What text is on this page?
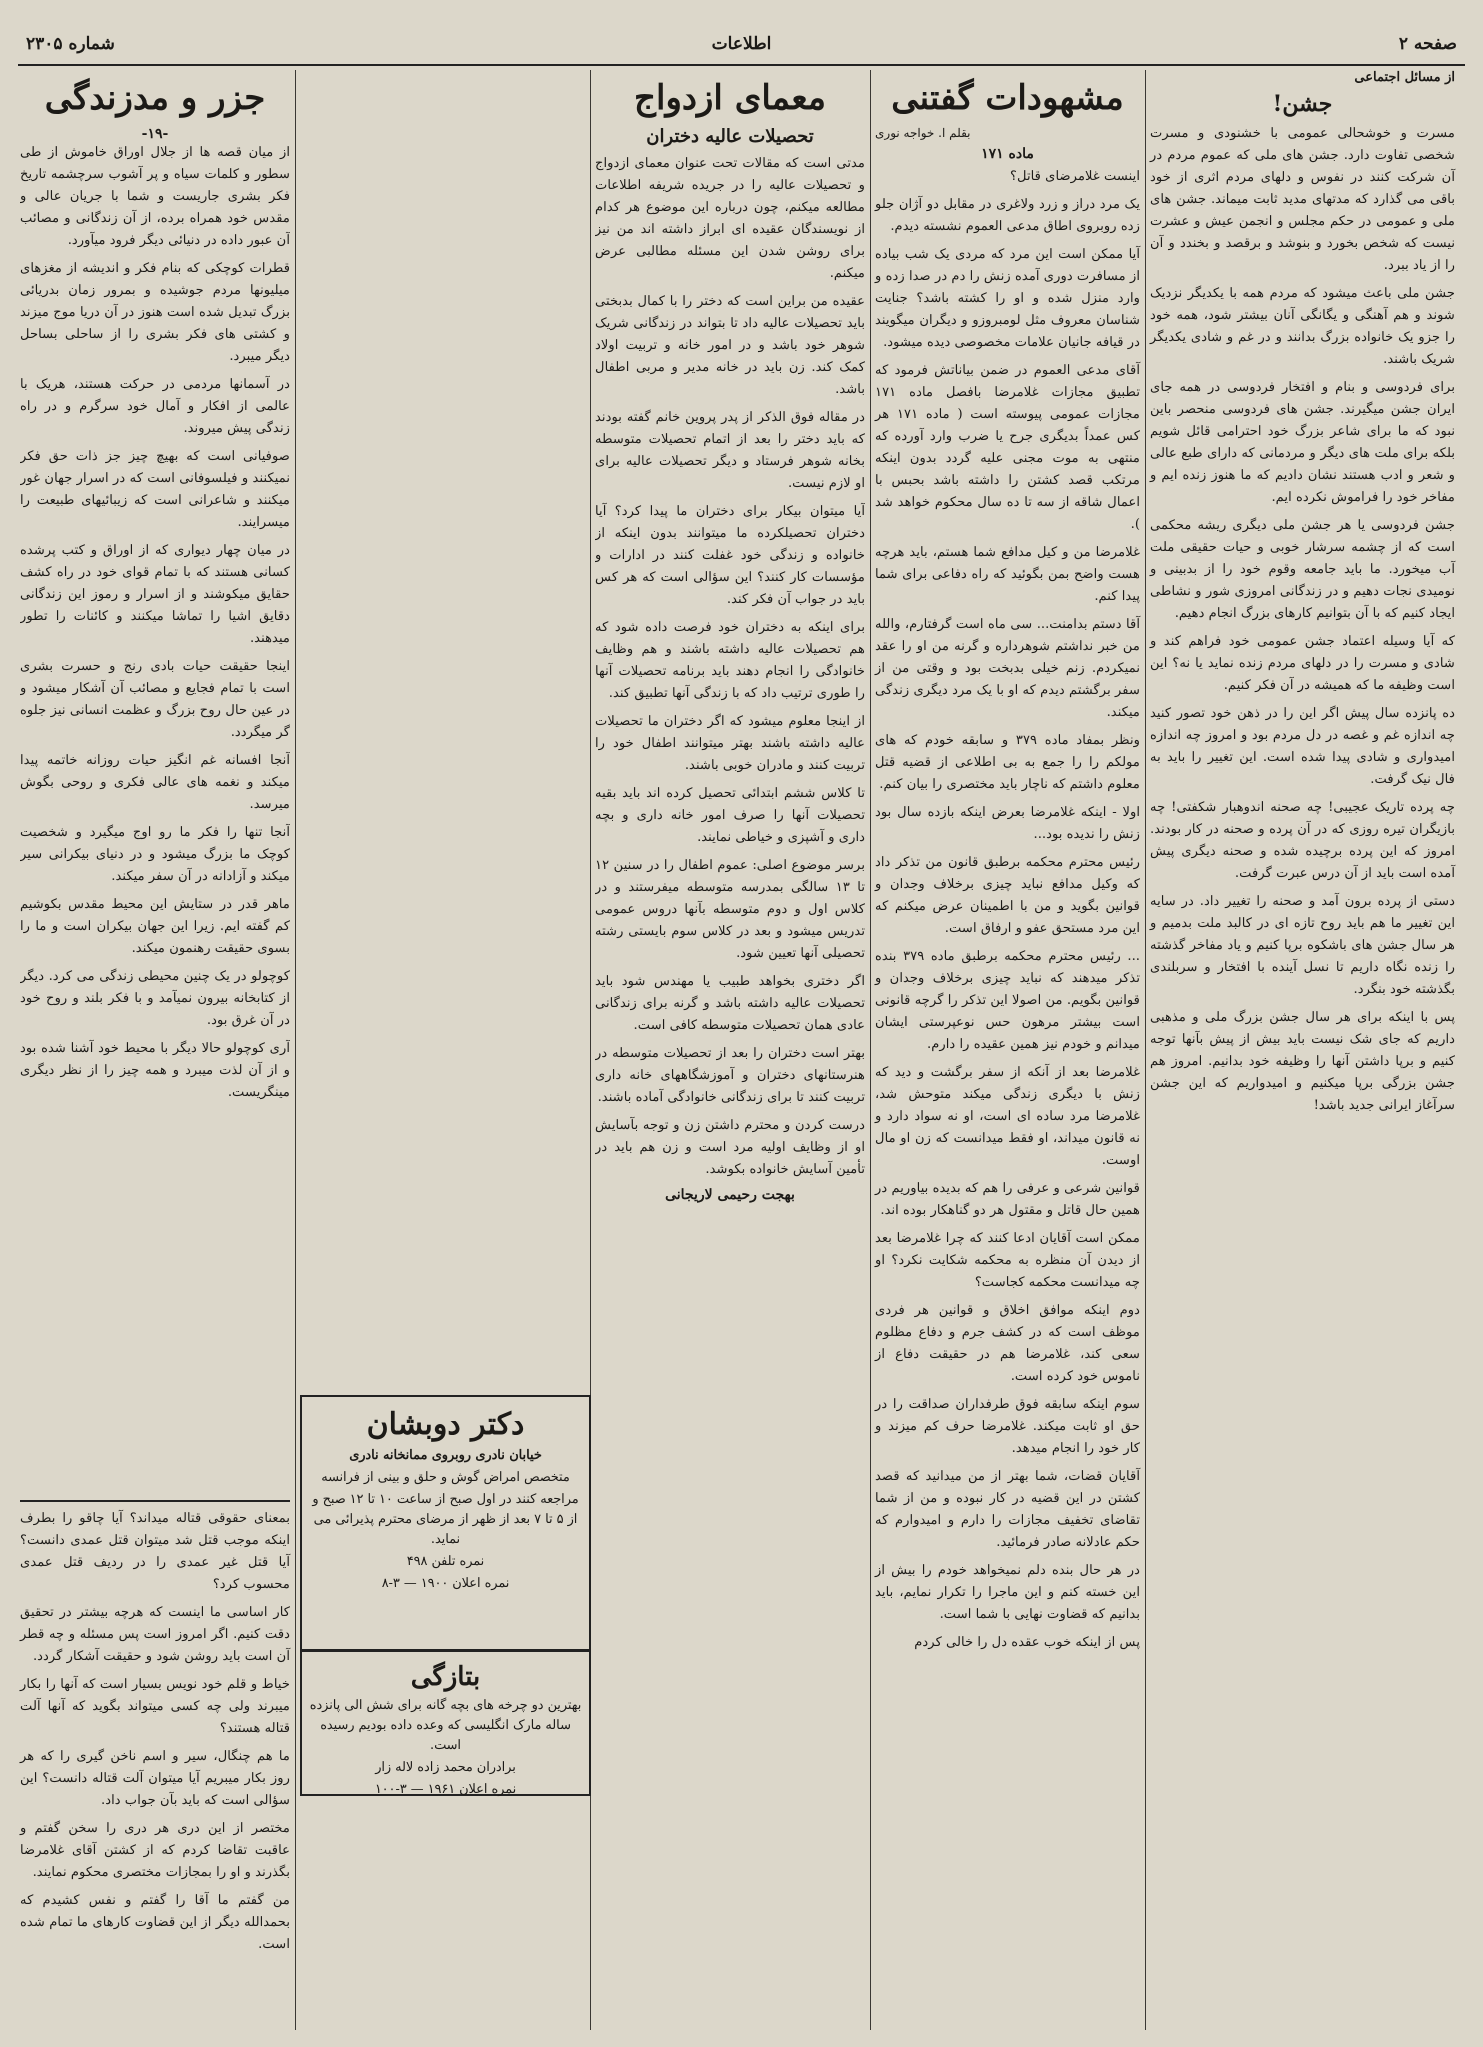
صفحه ۲
اطلاعات
شماره ۲۳۰۵
از مسائل اجتماعی
جشن!

مسرت و خوشحالی عمومی با خشنودی و مسرت شخصی تفاوت دارد. جشن های ملی که عموم مردم در آن شرکت کنند در نفوس و دلهای مردم اثری از خود باقی می گذارد که مدتهای مدید ثابت میماند. جشن های ملی و عمومی در حکم مجلس و انجمن عیش و عشرت نیست که شخص بخورد و بنوشد و برقصد و بخندد و آن را از یاد ببرد.

جشن ملی باعث میشود که مردم همه با یکدیگر نزدیک شوند و هم آهنگی و یگانگی آنان بیشتر شود، همه خود را جزو یک خانواده بزرگ بدانند و در غم و شادی یکدیگر شریک باشند.

برای فردوسی و بنام و افتخار فردوسی در همه جای ایران جشن میگیرند. جشن های فردوسی منحصر باین نبود که ما برای شاعر بزرگ خود احترامی قائل شویم بلکه برای ملت های دیگر و مردمانی که دارای طبع عالی و شعر و ادب هستند نشان دادیم که ما هنوز زنده ایم و مفاخر خود را فراموش نکرده ایم.

جشن فردوسی یا هر جشن ملی دیگری ریشه محکمی است که از چشمه سرشار خوبی و حیات حقیقی ملت آب میخورد. ما باید جامعه وقوم خود را از بدبینی و نومیدی نجات دهیم و در زندگانی امروزی شور و نشاطی ایجاد کنیم که با آن بتوانیم کارهای بزرگ انجام دهیم.

که آیا وسیله اعتماد جشن عمومی خود فراهم کند و شادی و مسرت را در دلهای مردم زنده نماید یا نه؟ این است وظیفه ما که همیشه در آن فکر کنیم.

ده پانزده سال پیش اگر این را در ذهن خود تصور کنید چه اندازه غم و غصه در دل مردم بود و امروز چه اندازه امیدواری و شادی پیدا شده است. این تغییر را باید به فال نیک گرفت.

چه پرده تاریک عجیبی! چه صحنه اندوهبار شکفتی! چه بازیگران تیره روزی که در آن پرده و صحنه در کار بودند. امروز که این پرده برچیده شده و صحنه دیگری پیش آمده است باید از آن درس عبرت گرفت.

دستی از پرده برون آمد و صحنه را تغییر داد. در سایه این تغییر ما هم باید روح تازه ای در کالبد ملت بدمیم و هر سال جشن های باشکوه برپا کنیم و یاد مفاخر گذشته را زنده نگاه داریم تا نسل آینده با افتخار و سربلندی بگذشته خود بنگرد.

پس با اینکه برای هر سال جشن بزرگ ملی و مذهبی داریم که جای شک نیست باید بیش از پیش بآنها توجه کنیم و برپا داشتن آنها را وظیفه خود بدانیم. امروز هم جشن بزرگی برپا میکنیم و امیدواریم که این جشن سرآغاز ایرانی جدید باشد!

مشهودات گفتنی
بقلم ا. خواجه نوری
ماده ۱۷۱

اینست غلامرضای قاتل؟

یک مرد دراز و زرد ولاغری در مقابل دو آژان جلو زده روبروی اطاق مدعی العموم نشسته دیدم.

آیا ممکن است این مرد که مردی یک شب بیاده از مسافرت دوری آمده زنش را دم در صدا زده و وارد منزل شده و او را کشته باشد؟ جنایت شناسان معروف مثل لومبروزو و دیگران میگویند در قیافه جانیان علامات مخصوصی دیده میشود.

آقای مدعی العموم در ضمن بیاناتش فرمود که تطبیق مجازات غلامرضا بافصل ماده ۱۷۱ مجازات عمومی پیوسته است ( ماده ۱۷۱ هر کس عمداً بدیگری جرح یا ضرب وارد آورده که منتهی به موت مجنی علیه گردد بدون اینکه مرتکب قصد کشتن را داشته باشد بحبس با اعمال شاقه از سه تا ده سال محکوم خواهد شد ).

غلامرضا من و کیل مدافع شما هستم، باید هرچه هست واضح بمن بگوئید که راه دفاعی برای شما پیدا کنم.

آقا دستم بدامنت... سی ماه است گرفتارم، والله من خبر نداشتم شوهرداره و گرنه من او را عقد نمیکردم. زنم خیلی بدبخت بود و وقتی من از سفر برگشتم دیدم که او با یک مرد دیگری زندگی میکند.

ونظر بمفاد ماده ۳۷۹ و سابقه خودم که های مولکم را را جمع به بی اطلاعی از قضیه قتل معلوم داشتم که ناچار باید مختصری را بیان کنم.

اولا - اینکه غلامرضا بعرض اینکه بازده سال بود زنش را ندیده بود...

رئیس محترم محکمه برطبق قانون من تذکر داد که وکیل مدافع نباید چیزی برخلاف وجدان و قوانین بگوید و من با اطمینان عرض میکنم که این مرد مستحق عفو و ارفاق است.

... رئیس محترم محکمه برطبق ماده ۳۷۹ بنده تذکر میدهند که نباید چیزی برخلاف وجدان و قوانین بگویم. من اصولا این تذکر را گرچه قانونی است بیشتر مرهون حس نوعپرستی ایشان میدانم و خودم نیز همین عقیده را دارم.

غلامرضا بعد از آنکه از سفر برگشت و دید که زنش با دیگری زندگی میکند متوحش شد، غلامرضا مرد ساده ای است، او نه سواد دارد و نه قانون میداند، او فقط میدانست که زن او مال اوست.

قوانین شرعی و عرفی را هم که بدیده بیاوریم در همین حال قاتل و مقتول هر دو گناهکار بوده اند.

ممکن است آقایان ادعا کنند که چرا غلامرضا بعد از دیدن آن منظره به محکمه شکایت نکرد؟ او چه میدانست محکمه کجاست؟

دوم اینکه موافق اخلاق و قوانین هر فردی موظف است که در کشف جرم و دفاع مظلوم سعی کند، غلامرضا هم در حقیقت دفاع از ناموس خود کرده است.

سوم اینکه سابقه فوق طرفداران صداقت را در حق او ثابت میکند. غلامرضا حرف کم میزند و کار خود را انجام میدهد.

آقایان قضات، شما بهتر از من میدانید که قصد کشتن در این قضیه در کار نبوده و من از شما تقاضای تخفیف مجازات را دارم و امیدوارم که حکم عادلانه صادر فرمائید.

در هر حال بنده دلم نمیخواهد خودم را بیش از این خسته کنم و این ماجرا را تکرار نمایم، باید بدانیم که قضاوت نهایی با شما است.

پس از اینکه خوب عقده دل را خالی کردم

معمای ازدواج
تحصیلات عالیه دختران

مدتی است که مقالات تحت عنوان معمای ازدواج و تحصیلات عالیه را در جریده شریفه اطلاعات مطالعه میکنم، چون درباره این موضوع هر کدام از نویسندگان عقیده ای ابراز داشته اند من نیز برای روشن شدن این مسئله مطالبی عرض میکنم.

عقیده من براین است که دختر را با کمال بدبختی باید تحصیلات عالیه داد تا بتواند در زندگانی شریک شوهر خود باشد و در امور خانه و تربیت اولاد کمک کند. زن باید در خانه مدیر و مربی اطفال باشد.

در مقاله فوق الذکر از پدر پروین خانم گفته بودند که باید دختر را بعد از اتمام تحصیلات متوسطه بخانه شوهر فرستاد و دیگر تحصیلات عالیه برای او لازم نیست.

آیا میتوان بیکار برای دختران ما پیدا کرد؟ آیا دختران تحصیلکرده ما میتوانند بدون اینکه از خانواده و زندگی خود غفلت کنند در ادارات و مؤسسات کار کنند؟ این سؤالی است که هر کس باید در جواب آن فکر کند.

برای اینکه به دختران خود فرصت داده شود که هم تحصیلات عالیه داشته باشند و هم وظایف خانوادگی را انجام دهند باید برنامه تحصیلات آنها را طوری ترتیب داد که با زندگی آنها تطبیق کند.

از اینجا معلوم میشود که اگر دختران ما تحصیلات عالیه داشته باشند بهتر میتوانند اطفال خود را تربیت کنند و مادران خوبی باشند.

تا کلاس ششم ابتدائی تحصیل کرده اند باید بقیه تحصیلات آنها را صرف امور خانه داری و بچه داری و آشپزی و خیاطی نمایند.

برسر موضوع اصلی: عموم اطفال را در سنین ۱۲ تا ۱۳ سالگی بمدرسه متوسطه میفرستند و در کلاس اول و دوم متوسطه بآنها دروس عمومی تدریس میشود و بعد در کلاس سوم بایستی رشته تحصیلی آنها تعیین شود.

اگر دختری بخواهد طبیب یا مهندس شود باید تحصیلات عالیه داشته باشد و گرنه برای زندگانی عادی همان تحصیلات متوسطه کافی است.

بهتر است دختران را بعد از تحصیلات متوسطه در هنرستانهای دختران و آموزشگاههای خانه داری تربیت کنند تا برای زندگانی خانوادگی آماده باشند.

درست کردن و محترم داشتن زن و توجه بآسایش او از وظایف اولیه مرد است و زن هم باید در تأمین آسایش خانواده بکوشد.

بهجت رحیمی لاریجانی
دکتر دوبشان

خیابان نادری روبروی ممانخانه نادری

متخصص امراض گوش و حلق و بینی از فرانسه

مراجعه کنند در اول صبح از ساعت ۱۰ تا ۱۲ صبح و از ۵ تا ۷ بعد از ظهر از مرضای محترم پذیرائی می نماید.

نمره تلفن ۴۹۸

نمره اعلان ۱۹۰۰ — ۳-۸

بتازگی

بهترین دو چرخه های بچه گانه برای شش الی پانزده ساله مارک انگلیسی که وعده داده بودیم رسیده است.

برادران محمد زاده لاله زار

نمره اعلان ۱۹۶۱ — ۳-۱۰۰

جزر و مدزندگی
-۱۹-

از میان قصه ها از جلال اوراق خاموش از طی سطور و کلمات سیاه و پر آشوب سرچشمه تاریخ فکر بشری جاریست و شما با جریان عالی و مقدس خود همراه برده، از آن زندگانی و مصائب آن عبور داده در دنیائی دیگر فرود میآورد.

قطرات کوچکی که بنام فکر و اندیشه از مغزهای میلیونها مردم جوشیده و بمرور زمان بدریائی بزرگ تبدیل شده است هنوز در آن دریا موج میزند و کشتی های فکر بشری را از ساحلی بساحل دیگر میبرد.

در آسمانها مردمی در حرکت هستند، هریک با عالمی از افکار و آمال خود سرگرم و در راه زندگی پیش میروند.

صوفیانی است که بهیچ چیز جز ذات حق فکر نمیکنند و فیلسوفانی است که در اسرار جهان غور میکنند و شاعرانی است که زیبائیهای طبیعت را میسرایند.

در میان چهار دیواری که از اوراق و کتب پرشده کسانی هستند که با تمام قوای خود در راه کشف حقایق میکوشند و از اسرار و رموز این زندگانی دقایق اشیا را تماشا میکنند و کائنات را تطور میدهند.

اینجا حقیقت حیات بادی رنج و حسرت بشری است با تمام فجایع و مصائب آن آشکار میشود و در عین حال روح بزرگ و عظمت انسانی نیز جلوه گر میگردد.

آنجا افسانه غم انگیز حیات روزانه خاتمه پیدا میکند و نغمه های عالی فکری و روحی بگوش میرسد.

آنجا تنها را فکر ما رو اوج میگیرد و شخصیت کوچک ما بزرگ میشود و در دنیای بیکرانی سیر میکند و آزادانه در آن سفر میکند.

ماهر قدر در ستایش این محیط مقدس بکوشیم کم گفته ایم. زیرا این جهان بیکران است و ما را بسوی حقیقت رهنمون میکند.

کوچولو در یک چنین محیطی زندگی می کرد. دیگر از کتابخانه بیرون نمیآمد و با فکر بلند و روح خود در آن غرق بود.

آری کوچولو حالا دیگر با محیط خود آشنا شده بود و از آن لذت میبرد و همه چیز را از نظر دیگری مینگریست.

بمعنای حقوقی قتاله میداند؟ آیا چاقو را بطرف اینکه موجب قتل شد میتوان قتل عمدی دانست؟ آیا قتل غیر عمدی را در ردیف قتل عمدی محسوب کرد؟

کار اساسی ما اینست که هرچه بیشتر در تحقیق دقت کنیم. اگر امروز است پس مسئله و چه قطر آن است باید روشن شود و حقیقت آشکار گردد.

خیاط و قلم خود نویس بسیار است که آنها را بکار میبرند ولی چه کسی میتواند بگوید که آنها آلت قتاله هستند؟

ما هم چنگال، سیر و اسم ناخن گیری را که هر روز بکار میبریم آیا میتوان آلت قتاله دانست؟ این سؤالی است که باید بآن جواب داد.

مختصر از این دری هر دری را سخن گفتم و عاقبت تقاضا کردم که از کشتن آقای غلامرضا بگذرند و او را بمجازات مختصری محکوم نمایند.

من گفتم ما آقا را گفتم و نفس کشیدم که بحمدالله دیگر از این قضاوت کارهای ما تمام شده است.
